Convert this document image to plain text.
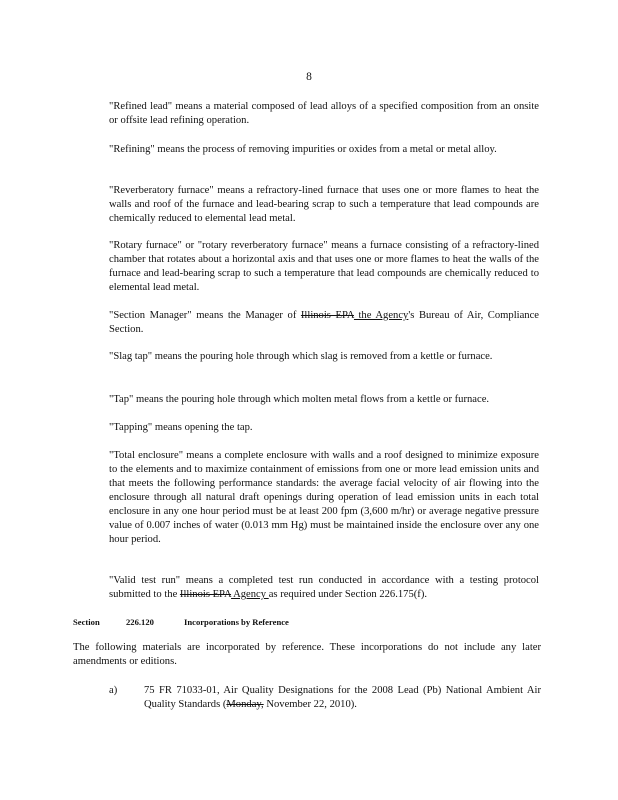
8

"Refined lead" means a material composed of lead alloys of a specified composition from an onsite or offsite lead refining operation.

"Refining" means the process of removing impurities or oxides from a metal or metal alloy.

"Reverberatory furnace" means a refractory-lined furnace that uses one or more flames to heat the walls and roof of the furnace and lead-bearing scrap to such a temperature that lead compounds are chemically reduced to elemental lead metal.

"Rotary furnace" or "rotary reverberatory furnace" means a furnace consisting of a refractory-lined chamber that rotates about a horizontal axis and that uses one or more flames to heat the walls of the furnace and lead-bearing scrap to such a temperature that lead compounds are chemically reduced to elemental lead metal.

"Section Manager" means the Manager of Illinois EPA the Agency's Bureau of Air, Compliance Section.

"Slag tap" means the pouring hole through which slag is removed from a kettle or furnace.

"Tap" means the pouring hole through which molten metal flows from a kettle or furnace.

"Tapping" means opening the tap.

"Total enclosure" means a complete enclosure with walls and a roof designed to minimize exposure to the elements and to maximize containment of emissions from one or more lead emission units and that meets the following performance standards: the average facial velocity of air flowing into the enclosure through all natural draft openings during operation of lead emission units in each total enclosure in any one hour period must be at least 200 fpm (3,600 m/hr) or average negative pressure value of 0.007 inches of water (0.013 mm Hg) must be maintained inside the enclosure over any one hour period.

"Valid test run" means a completed test run conducted in accordance with a testing protocol submitted to the Illinois EPA Agency as required under Section 226.175(f).

Section	226.120	Incorporations by Reference

The following materials are incorporated by reference. These incorporations do not include any later amendments or editions.

a)	75 FR 71033-01, Air Quality Designations for the 2008 Lead (Pb) National Ambient Air Quality Standards (Monday, November 22, 2010).
